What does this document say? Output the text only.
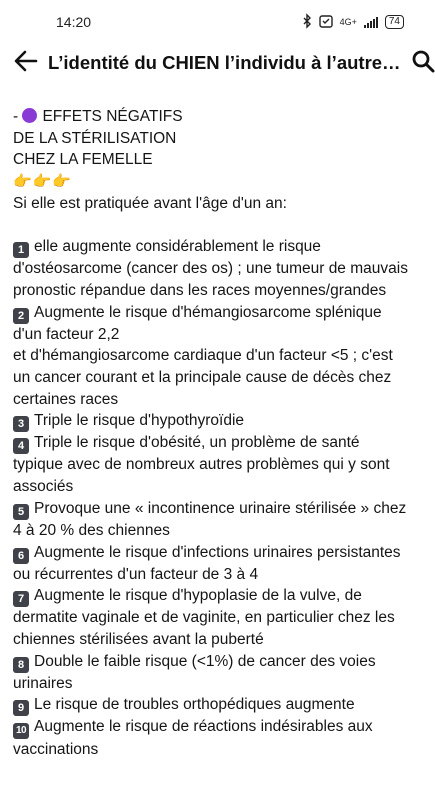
14:20	4G+	74
L’identité du CHIEN l’individu à l’autre…

- EFFETS NÉGATIFS

DE LA STÉRILISATION

CHEZ LA FEMELLE

👉👉👉

Si elle est pratiquée avant l'âge d'un an:

1 elle augmente considérablement le risque d'ostéosarcome (cancer des os) ; une tumeur de mauvais pronostic répandue dans les races moyennes/grandes

2 Augmente le risque d'hémangiosarcome splénique d'un facteur 2,2

et d'hémangiosarcome cardiaque d'un facteur <5 ; c'est un cancer courant et la principale cause de décès chez certaines races

3 Triple le risque d'hypothyroïdie

4 Triple le risque d'obésité, un problème de santé typique avec de nombreux autres problèmes qui y sont associés

5 Provoque une « incontinence urinaire stérilisée » chez 4 à 20 % des chiennes

6 Augmente le risque d'infections urinaires persistantes ou récurrentes d'un facteur de 3 à 4

7 Augmente le risque d'hypoplasie de la vulve, de dermatite vaginale et de vaginite, en particulier chez les chiennes stérilisées avant la puberté

8 Double le faible risque (<1%) de cancer des voies urinaires

9 Le risque de troubles orthopédiques augmente

10 Augmente le risque de réactions indésirables aux vaccinations
